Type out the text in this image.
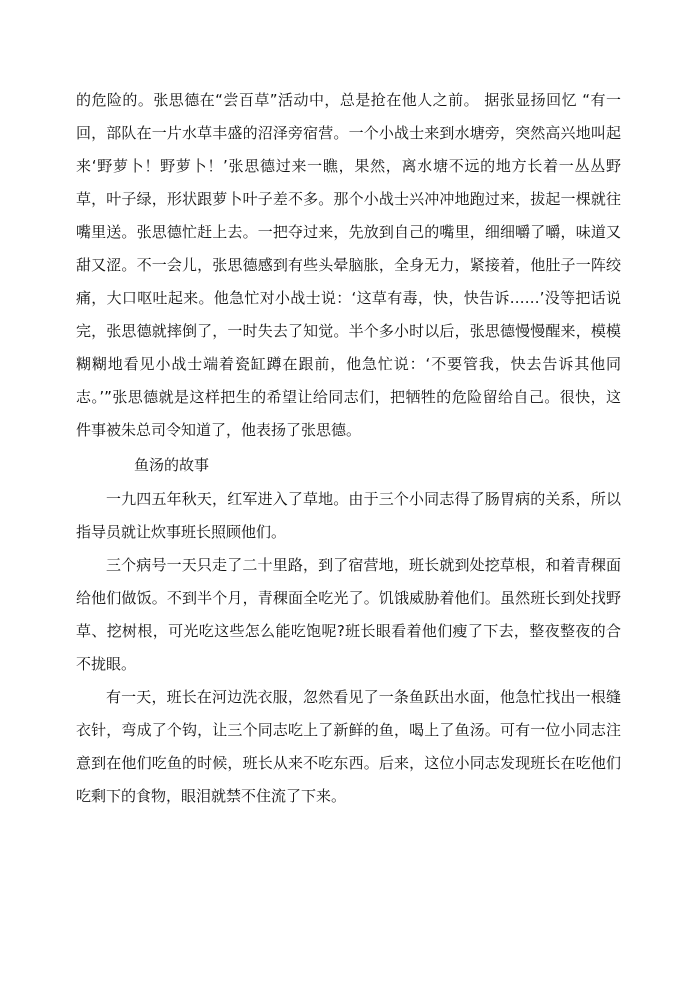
的危险的。张思德在“尝百草”活动中，总是抢在他人之前。 据张显扬回忆 “有一回，部队在一片水草丰盛的沼泽旁宿营。一个小战士来到水塘旁，突然高兴地叫起来‘野萝卜！野萝卜！’张思德过来一瞧，果然，离水塘不远的地方长着一丛丛野草，叶子绿，形状跟萝卜叶子差不多。那个小战士兴冲冲地跑过来，拔起一棵就往嘴里送。张思德忙赶上去。一把夺过来，先放到自己的嘴里，细细嚼了嚼，味道又甜又涩。不一会儿，张思德感到有些头晕脑胀，全身无力，紧接着，他肚子一阵绞痛，大口呕吐起来。他急忙对小战士说：‘这草有毒，快，快告诉……’没等把话说完，张思德就摔倒了，一时失去了知觉。半个多小时以后，张思德慢慢醒来，模模糊糊地看见小战士端着瓷缸蹲在跟前，他急忙说：‘不要管我，快去告诉其他同志。’”张思德就是这样把生的希望让给同志们，把牺牲的危险留给自己。很快，这件事被朱总司令知道了，他表扬了张思德。

鱼汤的故事

一九四五年秋天，红军进入了草地。由于三个小同志得了肠胃病的关系，所以指导员就让炊事班长照顾他们。

三个病号一天只走了二十里路，到了宿营地，班长就到处挖草根，和着青稞面给他们做饭。不到半个月，青稞面全吃光了。饥饿威胁着他们。虽然班长到处找野草、挖树根，可光吃这些怎么能吃饱呢?班长眼看着他们瘦了下去，整夜整夜的合不拢眼。

有一天，班长在河边洗衣服，忽然看见了一条鱼跃出水面，他急忙找出一根缝衣针，弯成了个钩，让三个同志吃上了新鲜的鱼，喝上了鱼汤。可有一位小同志注意到在他们吃鱼的时候，班长从来不吃东西。后来，这位小同志发现班长在吃他们吃剩下的食物，眼泪就禁不住流了下来。
